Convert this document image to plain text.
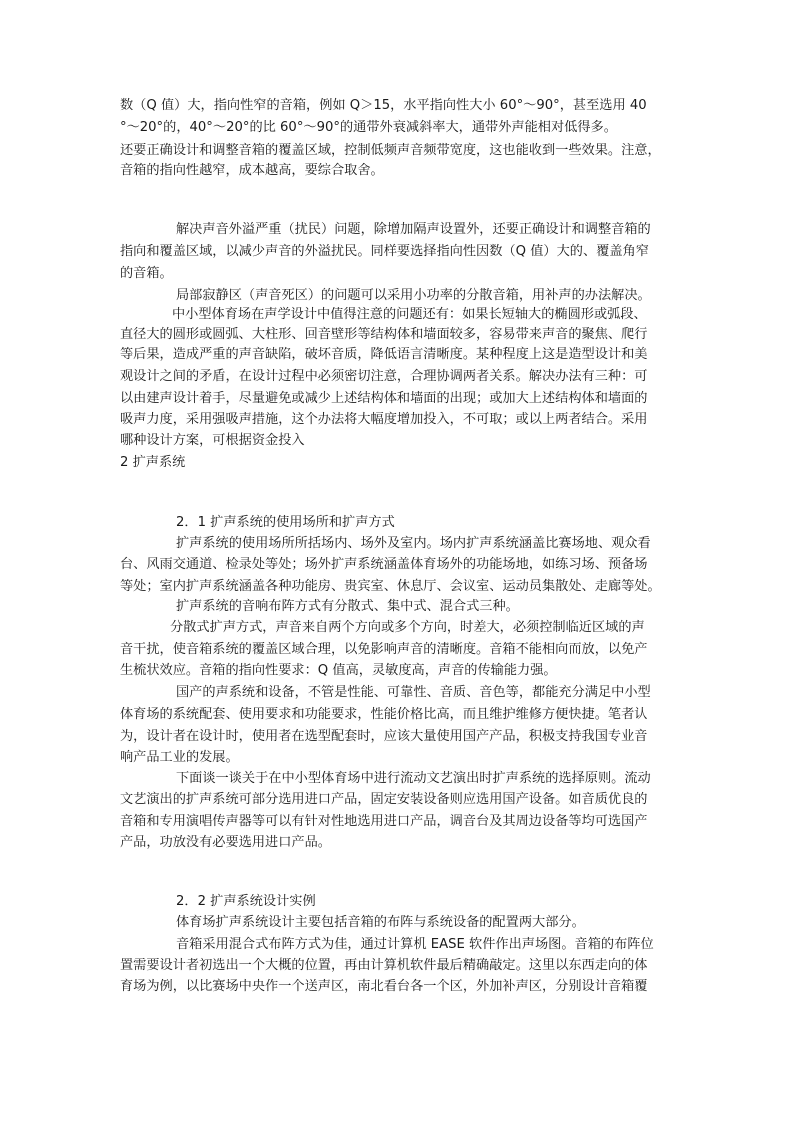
数（Q 值）大，指向性窄的音箱，例如 Q＞15，水平指向性大小 60°～90°，甚至选用 40
°～20°的，40°～20°的比 60°～90°的通带外衰减斜率大，通带外声能相对低得多。
还要正确设计和调整音箱的覆盖区域，控制低频声音频带宽度，这也能收到一些效果。注意，
音箱的指向性越窄，成本越高，要综合取舍。
解决声音外溢严重（扰民）问题，除增加隔声设置外，还要正确设计和调整音箱的
指向和覆盖区域，以减少声音的外溢扰民。同样要选择指向性因数（Q 值）大的、覆盖角窄
的音箱。
局部寂静区（声音死区）的问题可以采用小功率的分散音箱，用补声的办法解决。
中小型体育场在声学设计中值得注意的问题还有：如果长短轴大的椭圆形或弧段、
直径大的圆形或圆弧、大柱形、回音壁形等结构体和墙面较多，容易带来声音的聚焦、爬行
等后果，造成严重的声音缺陷，破坏音质，降低语言清晰度。某种程度上这是造型设计和美
观设计之间的矛盾，在设计过程中必须密切注意，合理协调两者关系。解决办法有三种：可
以由建声设计着手，尽量避免或减少上述结构体和墙面的出现；或加大上述结构体和墙面的
吸声力度，采用强吸声措施，这个办法将大幅度增加投入，不可取；或以上两者结合。采用
哪种设计方案，可根据资金投入
2 扩声系统
2．1 扩声系统的使用场所和扩声方式
扩声系统的使用场所所括场内、场外及室内。场内扩声系统涵盖比赛场地、观众看
台、风雨交通道、检录处等处；场外扩声系统涵盖体育场外的功能场地，如练习场、预备场
等处；室内扩声系统涵盖各种功能房、贵宾室、休息厅、会议室、运动员集散处、走廊等处。
扩声系统的音响布阵方式有分散式、集中式、混合式三种。
分散式扩声方式，声音来自两个方向或多个方向，时差大，必须控制临近区域的声
音干扰，使音箱系统的覆盖区域合理，以免影响声音的清晰度。音箱不能相向而放，以免产
生梳状效应。音箱的指向性要求：Q 值高，灵敏度高，声音的传输能力强。
国产的声系统和设备，不管是性能、可靠性、音质、音色等，都能充分满足中小型
体育场的系统配套、使用要求和功能要求，性能价格比高，而且维护维修方便快捷。笔者认
为，设计者在设计时，使用者在选型配套时，应该大量使用国产产品，积极支持我国专业音
响产品工业的发展。
下面谈一谈关于在中小型体育场中进行流动文艺演出时扩声系统的选择原则。流动
文艺演出的扩声系统可部分选用进口产品，固定安装设备则应选用国产设备。如音质优良的
音箱和专用演唱传声器等可以有针对性地选用进口产品，调音台及其周边设备等均可选国产
产品，功放没有必要选用进口产品。
2．2 扩声系统设计实例
体育场扩声系统设计主要包括音箱的布阵与系统设备的配置两大部分。
音箱采用混合式布阵方式为佳，通过计算机 EASE 软件作出声场图。音箱的布阵位
置需要设计者初选出一个大概的位置，再由计算机软件最后精确敲定。这里以东西走向的体
育场为例，以比赛场中央作一个送声区，南北看台各一个区，外加补声区，分别设计音箱覆
